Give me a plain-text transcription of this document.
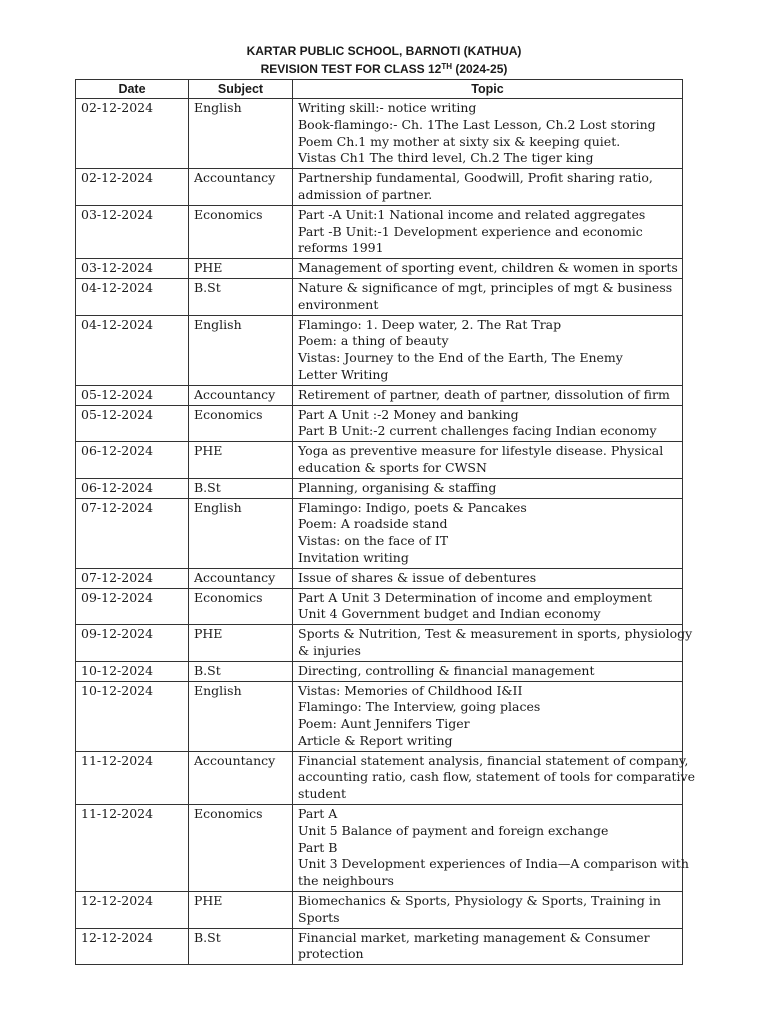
KARTAR PUBLIC SCHOOL, BARNOTI (KATHUA)
REVISION TEST FOR CLASS 12TH (2024-25)
Date	Subject	Topic
02-12-2024	English	Writing skill:- notice writing
Book-flamingo:- Ch. 1The Last Lesson, Ch.2 Lost storing
Poem Ch.1 my mother at sixty six & keeping quiet.
Vistas Ch1 The third level, Ch.2 The tiger king

02-12-2024	Accountancy	Partnership fundamental, Goodwill, Profit sharing ratio,
admission of partner.

03-12-2024	Economics	Part -A Unit:1 National income and related aggregates
Part -B Unit:-1 Development experience and economic
reforms 1991

03-12-2024	PHE	Management of sporting event, children & women in sports

04-12-2024	B.St	Nature & significance of mgt, principles of mgt & business
environment

04-12-2024	English	Flamingo: 1. Deep water, 2. The Rat Trap
Poem: a thing of beauty
Vistas: Journey to the End of the Earth, The Enemy
Letter Writing

05-12-2024	Accountancy	Retirement of partner, death of partner, dissolution of firm

05-12-2024	Economics	Part A Unit :-2 Money and banking
Part B Unit:-2 current challenges facing Indian economy

06-12-2024	PHE	Yoga as preventive measure for lifestyle disease. Physical
education & sports for CWSN

06-12-2024	B.St	Planning, organising & staffing

07-12-2024	English	Flamingo: Indigo, poets & Pancakes
Poem: A roadside stand
Vistas: on the face of IT
Invitation writing

07-12-2024	Accountancy	Issue of shares & issue of debentures

09-12-2024	Economics	Part A Unit 3 Determination of income and employment
Unit 4 Government budget and Indian economy

09-12-2024	PHE	Sports & Nutrition, Test & measurement in sports, physiology
& injuries

10-12-2024	B.St	Directing, controlling & financial management

10-12-2024	English	Vistas: Memories of Childhood I&II
Flamingo: The Interview, going places
Poem: Aunt Jennifers Tiger
Article & Report writing

11-12-2024	Accountancy	Financial statement analysis, financial statement of company,
accounting ratio, cash flow, statement of tools for comparative
student

11-12-2024	Economics	Part A
Unit 5 Balance of payment and foreign exchange
Part B
Unit 3 Development experiences of India—A comparison with
the neighbours

12-12-2024	PHE	Biomechanics & Sports, Physiology & Sports, Training in
Sports

12-12-2024	B.St	Financial market, marketing management & Consumer
protection
